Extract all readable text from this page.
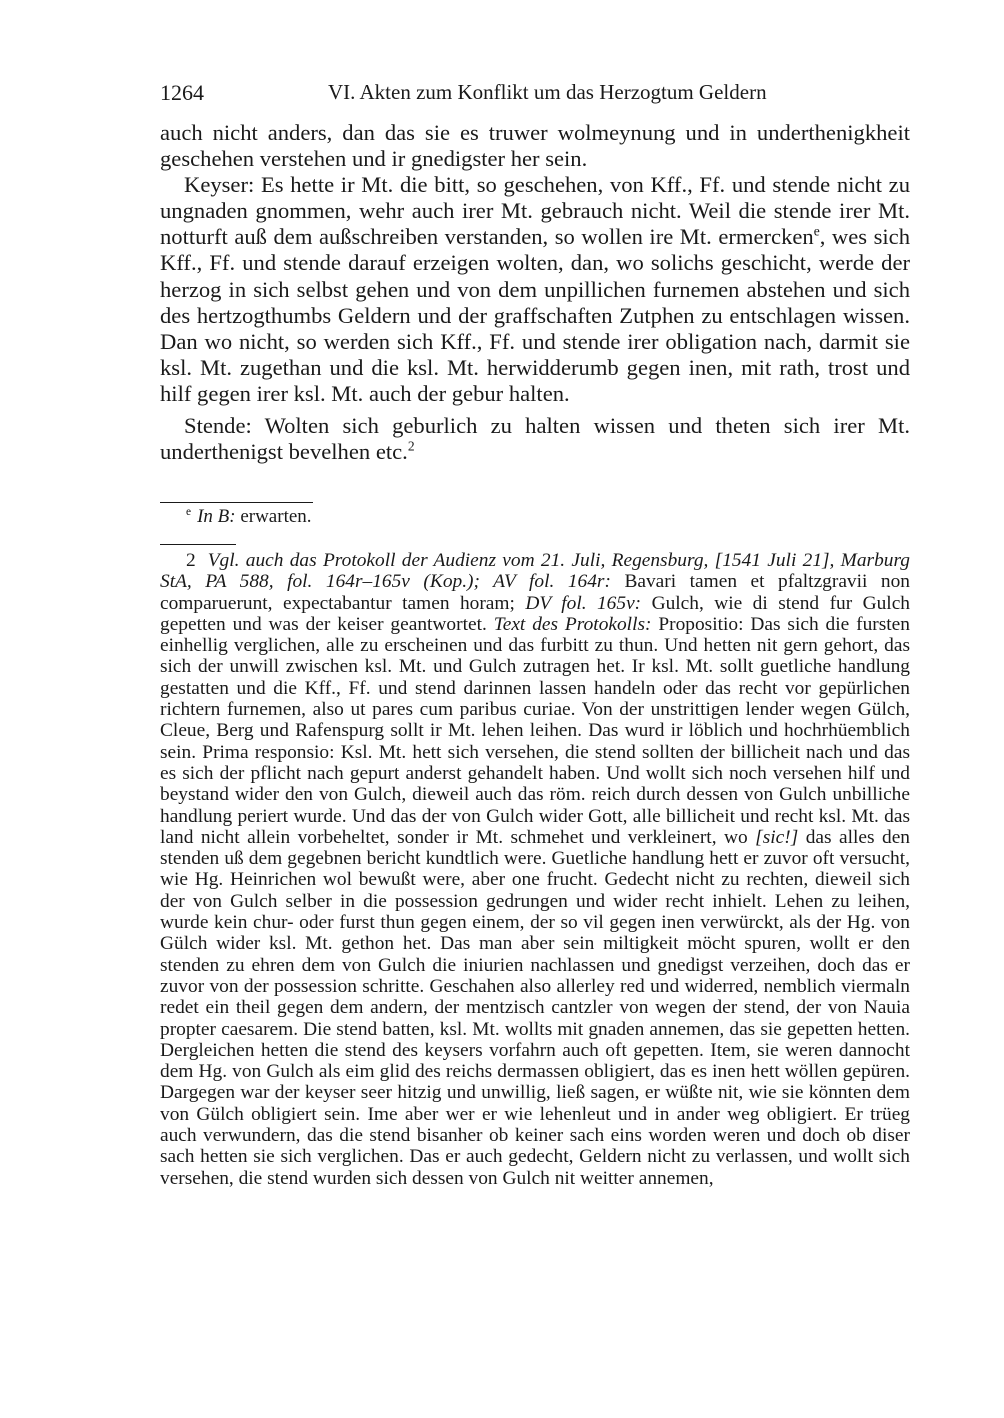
1264	VI. Akten zum Konflikt um das Herzogtum Geldern

auch nicht anders, dan das sie es truwer wolmeynung und in underthenigkheit geschehen verstehen und ir gnedigster her sein.

Keyser: Es hette ir Mt. die bitt, so geschehen, von Kff., Ff. und stende nicht zu ungnaden gnommen, wehr auch irer Mt. gebrauch nicht. Weil die stende irer Mt. notturft auß dem außschreiben verstanden, so wollen ire Mt. ermercken$^e$, wes sich Kff., Ff. und stende darauf erzeigen wolten, dan, wo solichs geschicht, werde der herzog in sich selbst gehen und von dem unpillichen furnemen abstehen und sich des hertzogthumbs Geldern und der graffschaften Zutphen zu entschlagen wissen. Dan wo nicht, so werden sich Kff., Ff. und stende irer obligation nach, darmit sie ksl. Mt. zugethan und die ksl. Mt. herwidderumb gegen inen, mit rath, trost und hilf gegen irer ksl. Mt. auch der gebur halten.

Stende: Wolten sich geburlich zu halten wissen und theten sich irer Mt. underthenigst bevelhen etc.$^2$

$^e$ In B: erwarten.
2 Vgl. auch das Protokoll der Audienz vom 21. Juli, Regensburg, [1541 Juli 21], Marburg StA, PA 588, fol. 164r–165v (Kop.); AV fol. 164r: Bavari tamen et pfaltzgravii non comparuerunt, expectabantur tamen horam; DV fol. 165v: Gulch, wie di stend fur Gulch gepetten und was der keiser geantwortet. Text des Protokolls: Propositio: Das sich die fursten einhellig verglichen, alle zu erscheinen und das furbitt zu thun. Und hetten nit gern gehort, das sich der unwill zwischen ksl. Mt. und Gulch zutragen het. Ir ksl. Mt. sollt guetliche handlung gestatten und die Kff., Ff. und stend darinnen lassen handeln oder das recht vor gepürlichen richtern furnemen, also ut pares cum paribus curiae. Von der unstrittigen lender wegen Gülch, Cleue, Berg und Rafenspurg sollt ir Mt. lehen leihen. Das wurd ir löblich und hochrhüemblich sein. Prima responsio: Ksl. Mt. hett sich versehen, die stend sollten der billicheit nach und das es sich der pflicht nach gepurt anderst gehandelt haben. Und wollt sich noch versehen hilf und beystand wider den von Gulch, dieweil auch das röm. reich durch dessen von Gulch unbilliche handlung periert wurde. Und das der von Gulch wider Gott, alle billicheit und recht ksl. Mt. das land nicht allein vorbeheltet, sonder ir Mt. schmehet und verkleinert, wo [sic!] das alles den stenden uß dem gegebnen bericht kundtlich were. Guetliche handlung hett er zuvor oft versucht, wie Hg. Heinrichen wol bewußt were, aber one frucht. Gedecht nicht zu rechten, dieweil sich der von Gulch selber in die possession gedrungen und wider recht inhielt. Lehen zu leihen, wurde kein chur- oder furst thun gegen einem, der so vil gegen inen verwürckt, als der Hg. von Gülch wider ksl. Mt. gethon het. Das man aber sein miltigkeit möcht spuren, wollt er den stenden zu ehren dem von Gulch die iniurien nachlassen und gnedigst verzeihen, doch das er zuvor von der possession schritte. Geschahen also allerley red und widerred, nemblich viermaln redet ein theil gegen dem andern, der mentzisch cantzler von wegen der stend, der von Nauia propter caesarem. Die stend batten, ksl. Mt. wollts mit gnaden annemen, das sie gepetten hetten. Dergleichen hetten die stend des keysers vorfahrn auch oft gepetten. Item, sie weren dannocht dem Hg. von Gulch als eim glid des reichs dermassen obligiert, das es inen hett wöllen gepüren. Dargegen war der keyser seer hitzig und unwillig, ließ sagen, er wüßte nit, wie sie könnten dem von Gülch obligiert sein. Ime aber wer er wie lehenleut und in ander weg obligiert. Er trüeg auch verwundern, das die stend bisanher ob keiner sach eins worden weren und doch ob diser sach hetten sie sich verglichen. Das er auch gedecht, Geldern nicht zu verlassen, und wollt sich versehen, die stend wurden sich dessen von Gulch nit weitter annemen,
